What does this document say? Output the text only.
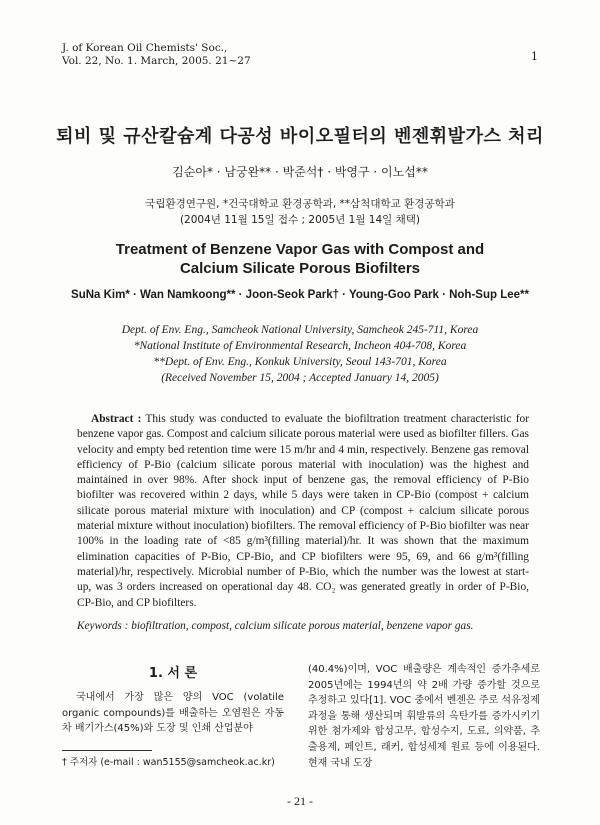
J. of Korean Oil Chemists' Soc.,
Vol. 22, No. 1. March, 2005. 21~27	1
퇴비 및 규산칼슘계 다공성 바이오필터의 벤젠휘발가스 처리
김순아* · 남궁완** · 박준석† · 박영구 · 이노섭**
국립환경연구원, *건국대학교 환경공학과, **삼척대학교 환경공학과
(2004년 11월 15일 접수 ; 2005년 1월 14일 채택)
Treatment of Benzene Vapor Gas with Compost and
Calcium Silicate Porous Biofilters
SuNa Kim* · Wan Namkoong** · Joon-Seok Park† · Young-Goo Park · Noh-Sup Lee**
Dept. of Env. Eng., Samcheok National University, Samcheok 245-711, Korea
*National Institute of Environmental Research, Incheon 404-708, Korea
**Dept. of Env. Eng., Konkuk University, Seoul 143-701, Korea
(Received November 15, 2004 ; Accepted January 14, 2005)

Abstract : This study was conducted to evaluate the biofiltration treatment characteristic for benzene vapor gas. Compost and calcium silicate porous material were used as biofilter fillers. Gas velocity and empty bed retention time were 15 m/hr and 4 min, respectively. Benzene gas removal efficiency of P-Bio (calcium silicate porous material with inoculation) was the highest and maintained in over 98%. After shock input of benzene gas, the removal efficiency of P-Bio biofilter was recovered within 2 days, while 5 days were taken in CP-Bio (compost + calcium silicate porous material mixture with inoculation) and CP (compost + calcium silicate porous material mixture without inoculation) biofilters. The removal efficiency of P-Bio biofilter was near 100% in the loading rate of <85 g/m³(filling material)/hr. It was shown that the maximum elimination capacities of P-Bio, CP-Bio, and CP biofilters were 95, 69, and 66 g/m³(filling material)/hr, respectively. Microbial number of P-Bio, which the number was the lowest at start-up, was 3 orders increased on operational day 48. CO₂ was generated greatly in order of P-Bio, CP-Bio, and CP biofilters.

Keywords : biofiltration, compost, calcium silicate porous material, benzene vapor gas.
1. 서 론

국내에서 가장 많은 양의 VOC (volatile organic compounds)를 배출하는 오염원은 자동차 배기가스(45%)와 도장 및 인쇄 산업분야

(40.4%)이며, VOC 배출량은 계속적인 증가추세로 2005년에는 1994년의 약 2배 가량 증가할 것으로 추정하고 있다[1]. VOC 중에서 벤젠은 주로 석유정제 과정을 통해 생산되며 휘발류의 옥탄가를 증가시키기 위한 첨가제와 합성고무, 합성수지, 도료, 의약품, 추출용제, 페인트, 래커, 합성세제 원료 등에 이용된다. 현재 국내 도장

† 주저자 (e-mail : wan5155@samcheok.ac.kr)
- 21 -
